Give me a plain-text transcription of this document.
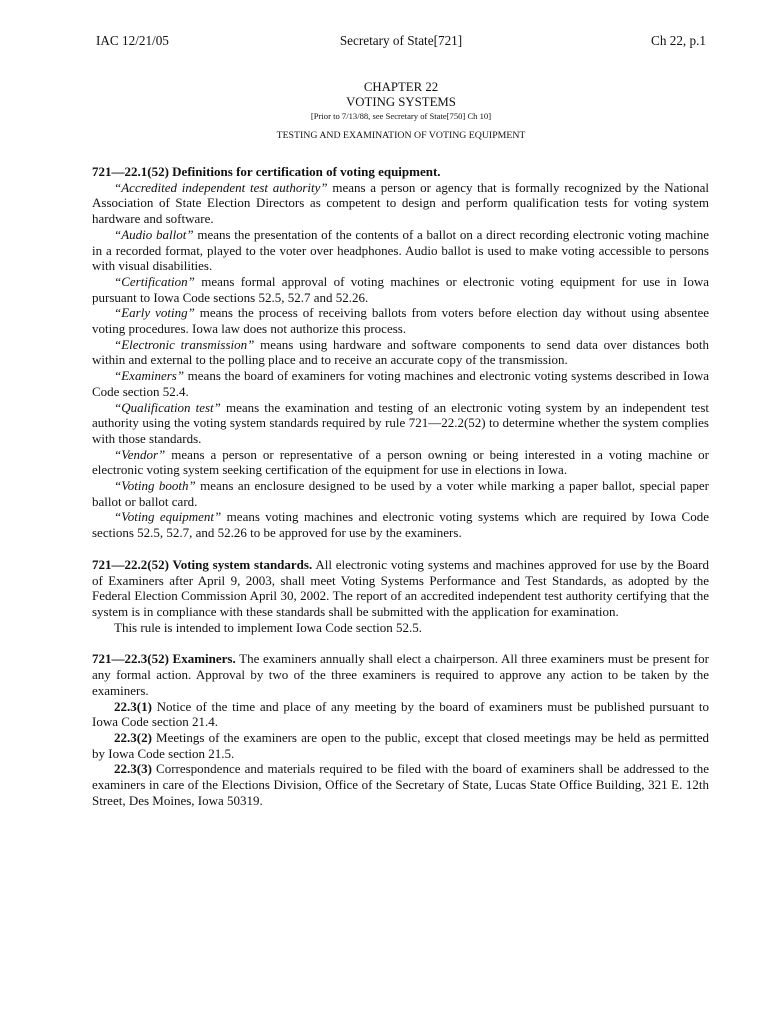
IAC 12/21/05	Secretary of State[721]	Ch 22, p.1
CHAPTER 22
VOTING SYSTEMS
[Prior to 7/13/88, see Secretary of State[750] Ch 10]
TESTING AND EXAMINATION OF VOTING EQUIPMENT

721—22.1(52) Definitions for certification of voting equipment.

“Accredited independent test authority” means a person or agency that is formally recognized by the National Association of State Election Directors as competent to design and perform qualification tests for voting system hardware and software.

“Audio ballot” means the presentation of the contents of a ballot on a direct recording electronic voting machine in a recorded format, played to the voter over headphones. Audio ballot is used to make voting accessible to persons with visual disabilities.

“Certification” means formal approval of voting machines or electronic voting equipment for use in Iowa pursuant to Iowa Code sections 52.5, 52.7 and 52.26.

“Early voting” means the process of receiving ballots from voters before election day without using absentee voting procedures. Iowa law does not authorize this process.

“Electronic transmission” means using hardware and software components to send data over distances both within and external to the polling place and to receive an accurate copy of the transmission.

“Examiners” means the board of examiners for voting machines and electronic voting systems described in Iowa Code section 52.4.

“Qualification test” means the examination and testing of an electronic voting system by an independent test authority using the voting system standards required by rule 721—22.2(52) to determine whether the system complies with those standards.

“Vendor” means a person or representative of a person owning or being interested in a voting machine or electronic voting system seeking certification of the equipment for use in elections in Iowa.

“Voting booth” means an enclosure designed to be used by a voter while marking a paper ballot, special paper ballot or ballot card.

“Voting equipment” means voting machines and electronic voting systems which are required by Iowa Code sections 52.5, 52.7, and 52.26 to be approved for use by the examiners.

721—22.2(52) Voting system standards. All electronic voting systems and machines approved for use by the Board of Examiners after April 9, 2003, shall meet Voting Systems Performance and Test Standards, as adopted by the Federal Election Commission April 30, 2002. The report of an accredited independent test authority certifying that the system is in compliance with these standards shall be submitted with the application for examination.

This rule is intended to implement Iowa Code section 52.5.

721—22.3(52) Examiners. The examiners annually shall elect a chairperson. All three examiners must be present for any formal action. Approval by two of the three examiners is required to approve any action to be taken by the examiners.

22.3(1) Notice of the time and place of any meeting by the board of examiners must be published pursuant to Iowa Code section 21.4.

22.3(2) Meetings of the examiners are open to the public, except that closed meetings may be held as permitted by Iowa Code section 21.5.

22.3(3) Correspondence and materials required to be filed with the board of examiners shall be addressed to the examiners in care of the Elections Division, Office of the Secretary of State, Lucas State Office Building, 321 E. 12th Street, Des Moines, Iowa 50319.
